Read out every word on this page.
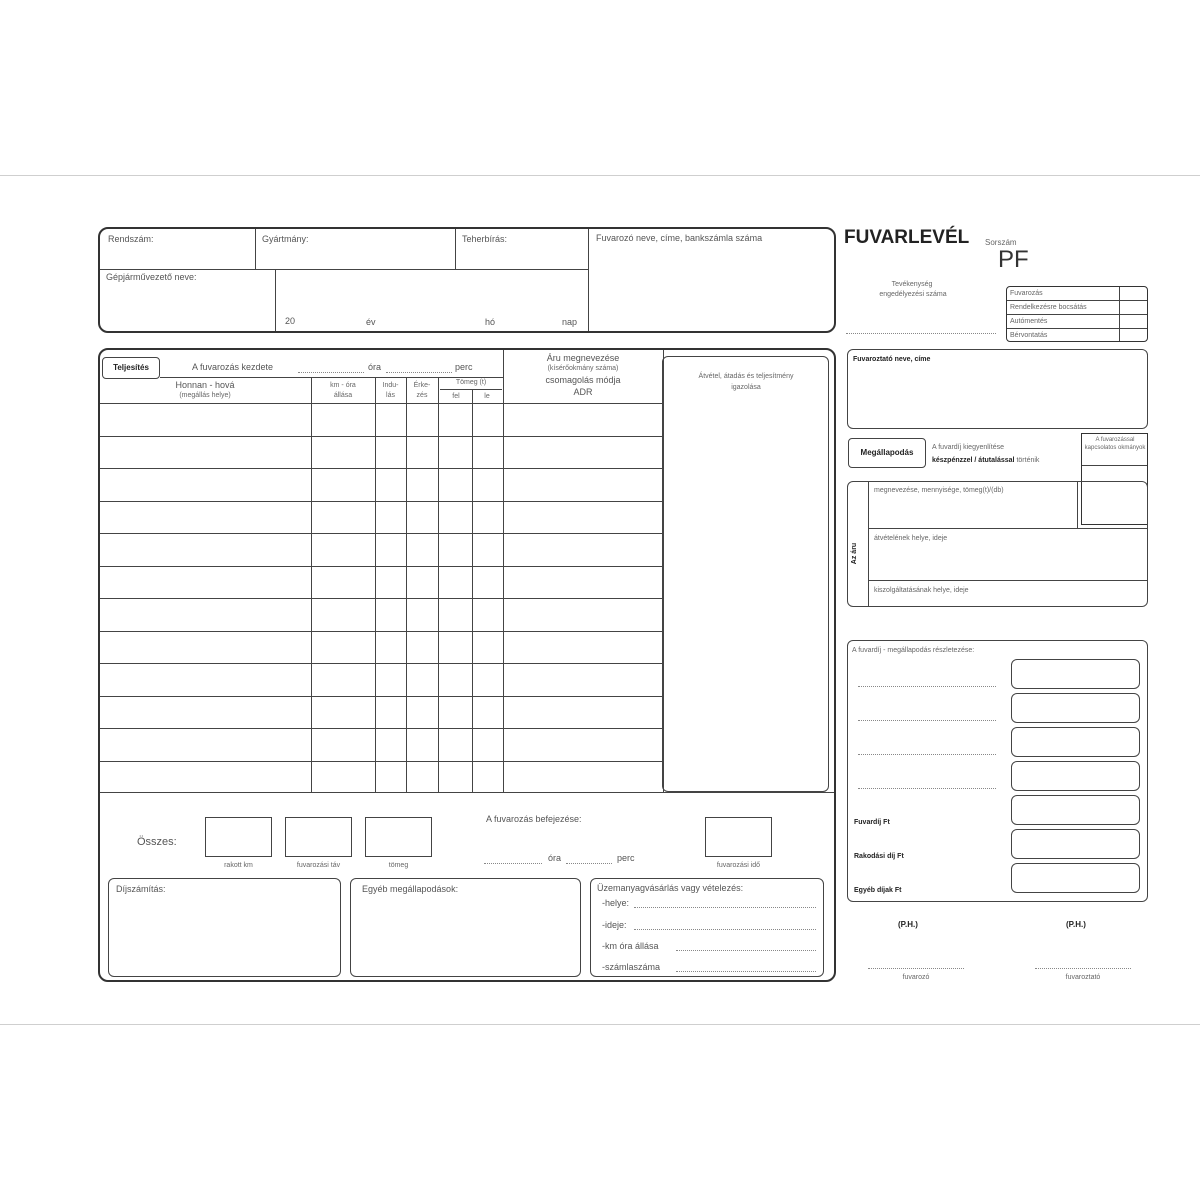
Rendszám:	Gyártmány:	Teherbírás:
Gépjárművezető neve:
20	év	hó	nap
Fuvarozó neve, címe, bankszámla száma	FUVARLEVÉL Sorszám
PF
Tevékenység
engedélyezési száma	Fuvarozás
Rendelkezésre bocsátás
Autómentés
Bérvontatás
Teljesítés	A fuvarozás kezdete	óra	perc
Honnan - hová
(megállás helye)
km - óra
állása
Indu-
lás
Érke-
zés
Tömeg (t)
fel	le
Áru megnevezése
(kísérőokmány száma)
csomagolás módja
ADR
Átvétel, átadás és teljesítmény
igazolása
Összes:
rakott km	fuvarozási táv	tömeg
A fuvarozás befejezése:
óra	perc
fuvarozási idő
Díjszámítás:	Egyéb megállapodások:	Üzemanyagvásárlás vagy vételezés:
-helye:
-ideje:
-km óra állása
-számlaszáma
Fuvaroztató neve, címe
Megállapodás
A fuvardíj kiegyenlítése
készpénzzel / átutalással történik
A fuvarozással kapcsolatos okmányok
Az áru
megnevezése, mennyisége, tömeg(t)/(db)
átvételének helye, ideje
kiszolgáltatásának helye, ideje
A fuvardíj - megállapodás részletezése:
Fuvardíj Ft
Rakodási díj Ft
Egyéb díjak Ft
(P.H.)	(P.H.)
fuvarozó	fuvaroztató
